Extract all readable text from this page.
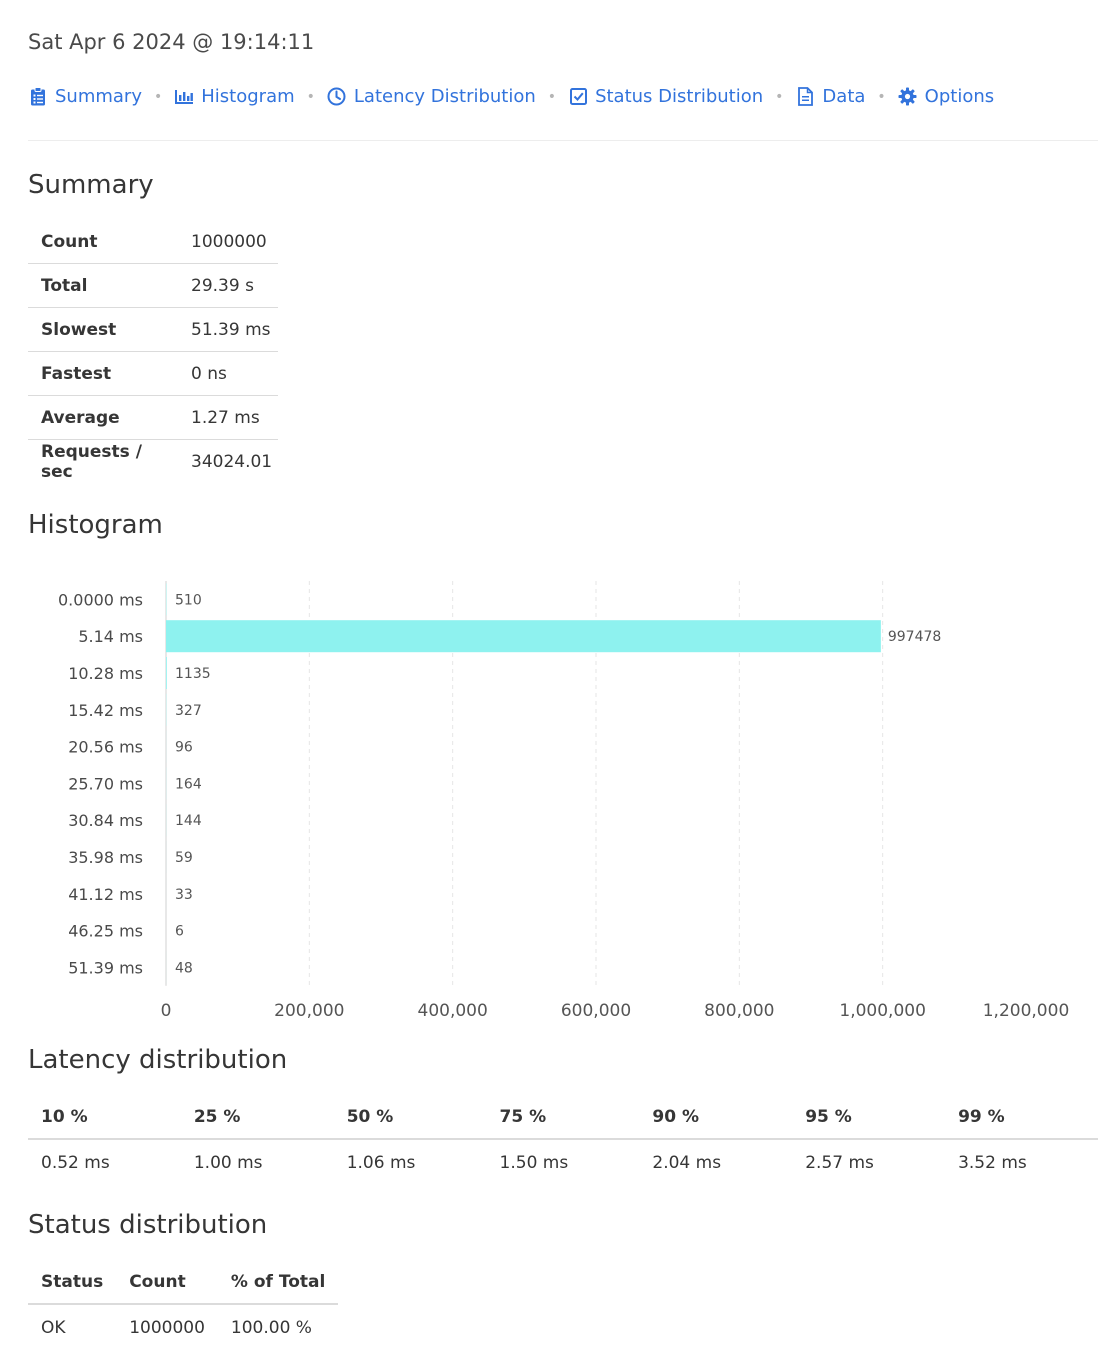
Sat Apr 6 2024 @ 19:14:11
Summary • Histogram • Latency Distribution • Status Distribution • Data • Options
Summary
Count	1000000
Total	29.39 s
Slowest	51.39 ms
Fastest	0 ns
Average	1.27 ms
Requests / sec	34024.01
Histogram
0.0000 ms 510
5.14 ms	997478
10.28 ms 1135
15.42 ms 327
20.56 ms 96
25.70 ms 164
30.84 ms 144
35.98 ms 59
41.12 ms 33
46.25 ms 6
51.39 ms 48
0	200,000	400,000	600,000	800,000	1,000,000	1,200,000
Latency distribution
10 %	25 %	50 %	75 %	90 %	95 %	99 %
0.52 ms	1.00 ms	1.06 ms	1.50 ms	2.04 ms	2.57 ms	3.52 ms
Status distribution
Status	Count	% of Total
OK	1000000	100.00 %
